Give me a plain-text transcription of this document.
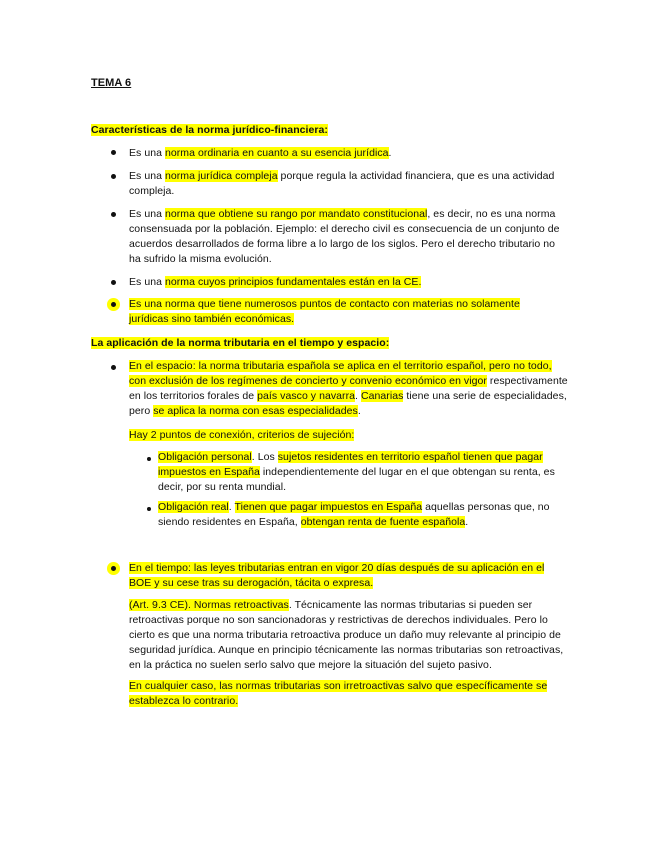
TEMA 6
Características de la norma jurídico-financiera:
Es una norma ordinaria en cuanto a su esencia jurídica.
Es una norma jurídica compleja porque regula la actividad financiera, que es una actividad compleja.
Es una norma que obtiene su rango por mandato constitucional, es decir, no es una norma consensuada por la población. Ejemplo: el derecho civil es consecuencia de un conjunto de acuerdos desarrollados de forma libre a lo largo de los siglos. Pero el derecho tributario no ha sufrido la misma evolución.
Es una norma cuyos principios fundamentales están en la CE.
Es una norma que tiene numerosos puntos de contacto con materias no solamente jurídicas sino también económicas.
La aplicación de la norma tributaria en el tiempo y espacio:
En el espacio: la norma tributaria española se aplica en el territorio español, pero no todo, con exclusión de los regímenes de concierto y convenio económico en vigor respectivamente en los territorios forales de país vasco y navarra. Canarias tiene una serie de especialidades, pero se aplica la norma con esas especialidades.
Hay 2 puntos de conexión, criterios de sujeción:
Obligación personal. Los sujetos residentes en territorio español tienen que pagar impuestos en España independientemente del lugar en el que obtengan su renta, es decir, por su renta mundial.
Obligación real. Tienen que pagar impuestos en España aquellas personas que, no siendo residentes en España, obtengan renta de fuente española.
En el tiempo: las leyes tributarias entran en vigor 20 días después de su aplicación en el BOE y su cese tras su derogación, tácita o expresa.
(Art. 9.3 CE). Normas retroactivas. Técnicamente las normas tributarias si pueden ser retroactivas porque no son sancionadoras y restrictivas de derechos individuales. Pero lo cierto es que una norma tributaria retroactiva produce un daño muy relevante al principio de seguridad jurídica. Aunque en principio técnicamente las normas tributarias son retroactivas, en la práctica no suelen serlo salvo que mejore la situación del sujeto pasivo.
En cualquier caso, las normas tributarias son irretroactivas salvo que específicamente se establezca lo contrario.
